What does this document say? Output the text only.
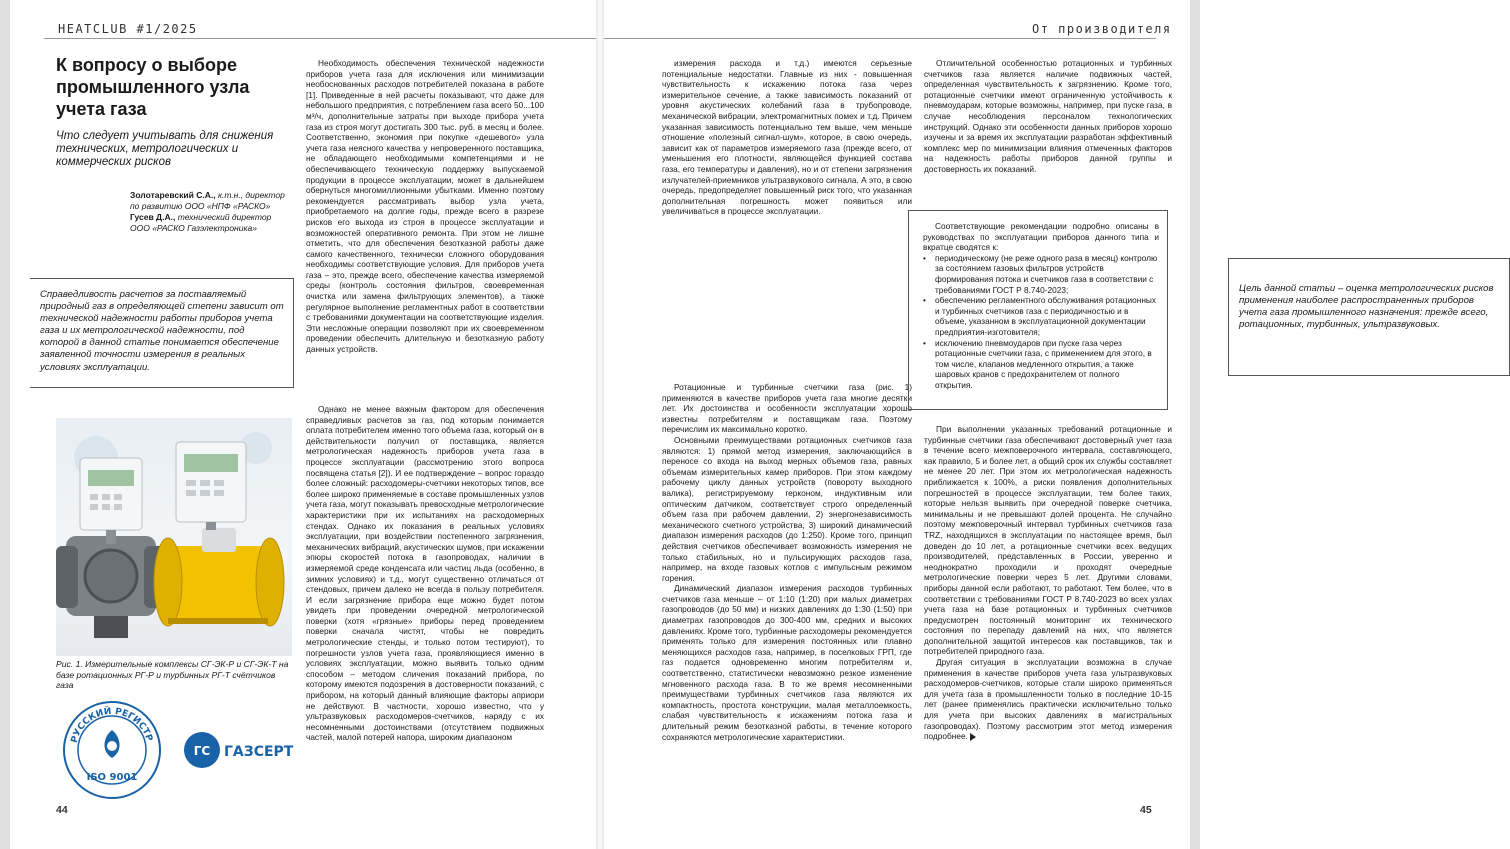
HEATCLUB #1/2025
К вопросу о выборе промышленного узла учета газа
Что следует учитывать для снижения технических, метрологических и коммерческих рисков
Золотаревский С.А., к.т.н., директор по развитию ООО «НПФ «РАСКО»
Гусев Д.А., технический директор ООО «РАСКО Газэлектроника»
Справедливость расчетов за поставляемый природный газ в определяющей степени зависит от технической надежности работы приборов учета газа и их метрологической надежности, под которой в данной статье понимается обеспечение заявленной точности измерения в реальных условиях эксплуатации.
Рис. 1. Измерительные комплексы СГ-ЭК-Р и СГ-ЭК-Т на базе ротационных РГ-Р и турбинных РГ-Т счётчиков газа
РУССКИЙ РЕГИСТР
ISO 9001
ГС ГАЗСЕРТ

Необходимость обеспечения технической надежности приборов учета газа для исключения или минимизации необоснованных расходов потребителей показана в работе [1]. Приведенные в ней расчеты показывают, что даже для небольшого предприятия, с потреблением газа всего 50...100 м³/ч, дополнительные затраты при выходе прибора учета газа из строя могут достигать 300 тыс. руб. в месяц и более. Соответственно, экономия при покупке «дешевого» узла учета газа неясного качества у непроверенного поставщика, не обладающего необходимыми компетенциями и не обеспечивающего техническую поддержку выпускаемой продукции в процессе эксплуатации, может в дальнейшем обернуться многомиллионными убытками. Именно поэтому рекомендуется рассматривать выбор узла учета, приобретаемого на долгие годы, прежде всего в разрезе рисков его выхода из строя в процессе эксплуатации и возможностей оперативного ремонта. При этом не лишне отметить, что для обеспечения безотказной работы даже самого качественного, технически сложного оборудования необходимы соответствующие условия. Для приборов учета газа – это, прежде всего, обеспечение качества измеряемой среды (контроль состояния фильтров, своевременная очистка или замена фильтрующих элементов), а также регулярное выполнение регламентных работ в соответствии с требованиями документации на соответствующие изделия. Эти несложные операции позволяют при их своевременном проведении обеспечить длительную и безотказную работу данных устройств.

Однако не менее важным фактором для обеспечения справедливых расчетов за газ, под которым понимается оплата потребителем именно того объема газа, который он в действительности получил от поставщика, является метрологическая надежность приборов учета газа в процессе эксплуатации (рассмотрению этого вопроса посвящена статья [2]). И ее подтверждение – вопрос гораздо более сложный: расходомеры-счетчики некоторых типов, все более широко применяемые в составе промышленных узлов учета газа, могут показывать превосходные метрологические характеристики при их испытаниях на расходомерных стендах. Однако их показания в реальных условиях эксплуатации, при воздействии постепенного загрязнения, механических вибраций, акустических шумов, при искажении эпюры скоростей потока в газопроводах, наличии в измеряемой среде конденсата или частиц льда (особенно, в зимних условиях) и т.д., могут существенно отличаться от стендовых, причем далеко не всегда в пользу потребителя. И если загрязнение прибора еще можно будет потом увидеть при проведении очередной метрологической поверки (хотя «грязные» приборы перед проведением поверки сначала чистят, чтобы не повредить метрологические стенды, и только потом тестируют), то погрешности узлов учета газа, проявляющиеся именно в условиях эксплуатации, можно выявить только одним способом – методом сличения показаний прибора, по которому имеются подозрения в достоверности показаний, с прибором, на который данный влияющие факторы априори не действуют. В частности, хорошо известно, что у ультразвуковых расходомеров-счетчиков, наряду с их несомненными достоинствами (отсутствием подвижных частей, малой потерей напора, широким диапазоном

44
От производителя

измерения расхода и т.д.) имеются серьезные потенциальные недостатки. Главные из них - повышенная чувствительность к искажению потока газа через измерительное сечение, а также зависимость показаний от уровня акустических колебаний газа в трубопроводе, механической вибрации, электромагнитных помех и т.д. Причем указанная зависимость потенциально тем выше, чем меньше отношение «полезный сигнал-шум», которое, в свою очередь, зависит как от параметров измеряемого газа (прежде всего, от уменьшения его плотности, являющейся функцией состава газа, его температуры и давления), но и от степени загрязнения излучателей-приемников ультразвукового сигнала. А это, в свою очередь, предопределяет повышенный риск того, что указанная дополнительная погрешность может появиться или увеличиваться в процессе эксплуатации.

Цель данной статьи – оценка метрологических рисков применения наиболее распространенных приборов учета газа промышленного назначения: прежде всего, ротационных, турбинных, ультразвуковых.

Ротационные и турбинные счетчики газа (рис. 1) применяются в качестве приборов учета газа многие десятки лет. Их достоинства и особенности эксплуатации хорошо известны потребителям и поставщикам газа. Поэтому перечислим их максимально коротко.

Основными преимуществами ротационных счетчиков газа являются: 1) прямой метод измерения, заключающийся в переносе со входа на выход мерных объемов газа, равных объемам измерительных камер приборов. При этом каждому рабочему циклу данных устройств (повороту выходного валика), регистрируемому герконом, индуктивным или оптическим датчиком, соответствует строго определенный объем газа при рабочем давлении, 2) энергонезависимость механического счетного устройства, 3) широкий динамический диапазон измерения расходов (до 1:250). Кроме того, принцип действия счетчиков обеспечивает возможность измерения не только стабильных, но и пульсирующих расходов газа, например, на входе газовых котлов с импульсным режимом горения.

Динамический диапазон измерения расходов турбинных счетчиков газа меньше – от 1:10 (1:20) при малых диаметрах газопроводов (до 50 мм) и низких давлениях до 1:30 (1:50) при диаметрах газопроводов до 300-400 мм, средних и высоких давлениях. Кроме того, турбинные расходомеры рекомендуется применять только для измерения постоянных или плавно меняющихся расходов газа, например, в поселковых ГРП, где газ подается одновременно многим потребителям и, соответственно, статистически невозможно резкое изменение мгновенного расхода газа. В то же время несомненными преимуществами турбинных счетчиков газа являются их компактность, простота конструкции, малая металлоемкость, слабая чувствительность к искажениям потока газа и длительный режим безотказной работы, в течение которого сохраняются метрологические характеристики.

Отличительной особенностью ротационных и турбинных счетчиков газа является наличие подвижных частей, определенная чувствительность к загрязнению. Кроме того, ротационные счетчики имеют ограниченную устойчивость к пневмоударам, которые возможны, например, при пуске газа, в случае несоблюдения персоналом технологических инструкций. Однако эти особенности данных приборов хорошо изучены и за время их эксплуатации разработан эффективный комплекс мер по минимизации влияния отмеченных факторов на надежность работы приборов данной группы и достоверность их показаний.

Соответствующие рекомендации подробно описаны в руководствах по эксплуатации приборов данного типа и вкратце сводятся к:
• периодическому (не реже одного раза в месяц) контролю за состоянием газовых фильтров устройств формирования потока и счетчиков газа в соответствии с требованиями ГОСТ Р 8.740-2023;
• обеспечению регламентного обслуживания ротационных и турбинных счетчиков газа с периодичностью и в объеме, указанном в эксплуатационной документации предприятия-изготовителя;
• исключению пневмоударов при пуске газа через ротационные счетчики газа, с применением для этого, в том числе, клапанов медленного открытия, а также шаровых кранов с предохранителем от полного открытия.

При выполнении указанных требований ротационные и турбинные счетчики газа обеспечивают достоверный учет газа в течение всего межповерочного интервала, составляющего, как правило, 5 и более лет, а общий срок их службы составляет не менее 20 лет. При этом их метрологическая надежность приближается к 100%, а риски появления дополнительных погрешностей в процессе эксплуатации, тем более таких, которые нельзя выявить при очередной поверке счетчика, минимальны и не превышают долей процента. Не случайно поэтому межповерочный интервал турбинных счетчиков газа TRZ, находящихся в эксплуатации по настоящее время, был доведен до 10 лет, а ротационные счетчики всех ведущих производителей, представленных в России, уверенно и неоднократно проходили и проходят очередные метрологические поверки через 5 лет. Другими словами, приборы данной если работают, то работают. Тем более, что в соответствии с требованиями ГОСТ Р 8.740-2023 во всех узлах учета газа на базе ротационных и турбинных счетчиков предусмотрен постоянный мониторинг их технического состояния по перепаду давлений на них, что является дополнительной защитой интересов как поставщиков, так и потребителей природного газа.

Другая ситуация в эксплуатации возможна в случае применения в качестве приборов учета газа ультразвуковых расходомеров-счетчиков, которые стали широко применяться для учета газа в промышленности только в последние 10-15 лет (ранее применялись практически исключительно только для учета при высоких давлениях в магистральных газопроводах). Поэтому рассмотрим этот метод измерения подробнее.

45
